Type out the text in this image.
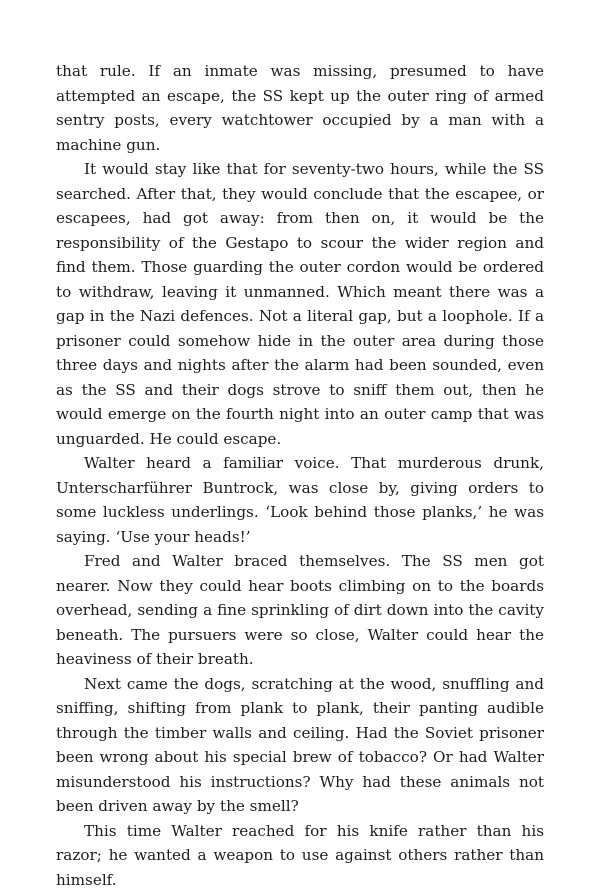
that rule. If an inmate was missing, presumed to have attempted an escape, the SS kept up the outer ring of armed sentry posts, every watchtower occupied by a man with a machine gun.

It would stay like that for seventy-two hours, while the SS searched. After that, they would conclude that the escapee, or escapees, had got away: from then on, it would be the responsibility of the Gestapo to scour the wider region and find them. Those guarding the outer cordon would be ordered to withdraw, leaving it unmanned. Which meant there was a gap in the Nazi defences. Not a literal gap, but a loophole. If a prisoner could somehow hide in the outer area during those three days and nights after the alarm had been sounded, even as the SS and their dogs strove to sniff them out, then he would emerge on the fourth night into an outer camp that was unguarded. He could escape.

Walter heard a familiar voice. That murderous drunk, Unterscharführer Buntrock, was close by, giving orders to some luckless underlings. ‘Look behind those planks,’ he was saying. ‘Use your heads!’

Fred and Walter braced themselves. The SS men got nearer. Now they could hear boots climbing on to the boards overhead, sending a fine sprinkling of dirt down into the cavity beneath. The pursuers were so close, Walter could hear the heaviness of their breath.

Next came the dogs, scratching at the wood, snuffling and sniffing, shifting from plank to plank, their panting audible through the timber walls and ceiling. Had the Soviet prisoner been wrong about his special brew of tobacco? Or had Walter misunderstood his instructions? Why had these animals not been driven away by the smell?

This time Walter reached for his knife rather than his razor; he wanted a weapon to use against others rather than himself.
